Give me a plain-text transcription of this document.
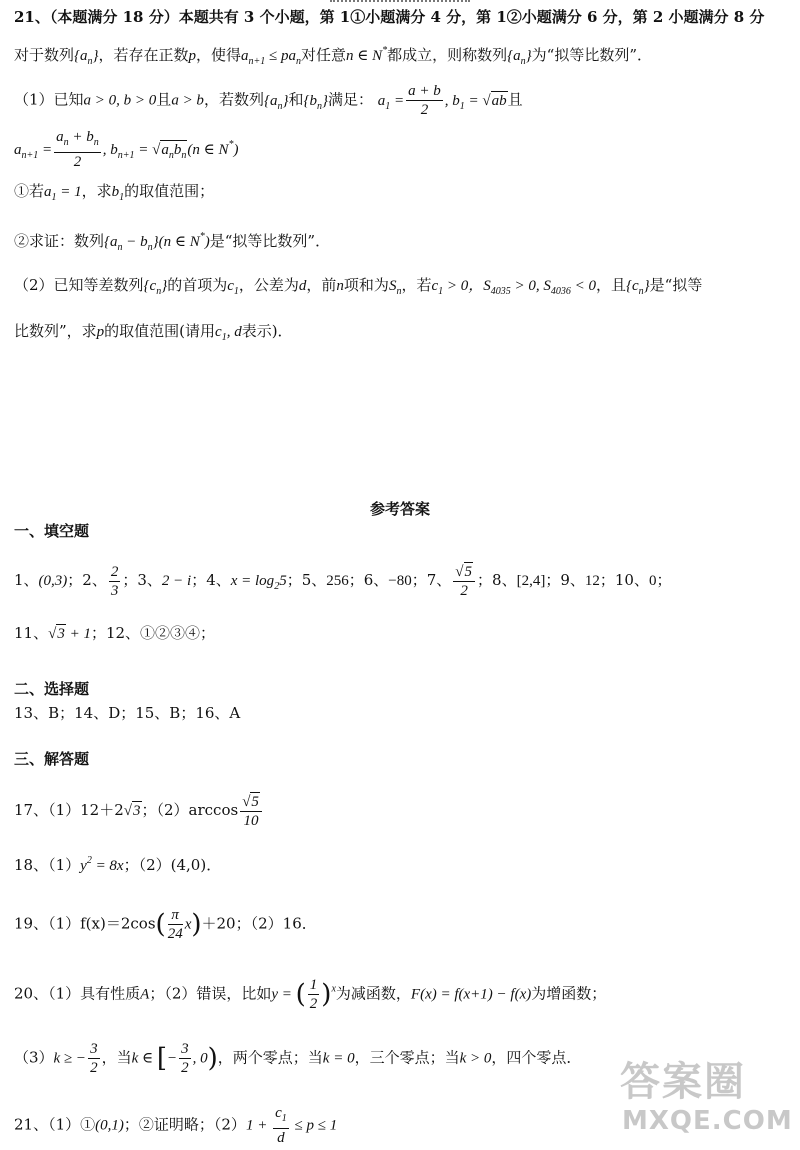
21、（本题满分 18 分）本题共有 3 个小题，第 1①小题满分 4 分，第 1②小题满分 6 分，第 2 小题满分 8 分
对于数列$\{a_n\}$，若存在正数p，使得$a_{n+1} \le pa_n$对任意n ∈ N*都成立，则称数列$\{a_n\}$为“拟等比数列”．
（1）已知a > 0, b > 0且a > b，若数列$\{a_n\}$和$\{b_n\}$满足： $a_1 = \frac{a + b}{2}$ , $b_1 = √ab$且
$a_{n+1} = \frac{a_n + b_n}{2}$ , $b_{n+1} = √a_nb_n(n$ ∈ N*)
①若$a_1 = 1$，求$b_1$的取值范围；
②求证：数列$\{a_n - b_n\}(n$ ∈ N*)是“拟等比数列”．
（2）已知等差数列$\{c_n\}$的首项为$c_1$，公差为d，前n项和为$S_n$，若$c_1 > 0$，$S_{4035} > 0$, $S_{4036} < 0$，且$\{c_n\}$是“拟等
比数列”，求p的取值范围(请用$c_1$, d表示)．
参考答案
一、填空题
1、(0,3)；2、 $\frac{2}{3}$ ；3、2 − i；4、$x = \log_25$；5、256；6、−80；7、 $\frac{√5}{2}$ ；8、[2,4]；9、12；10、0；
11、√3 + 1；12、①②③④；
二、选择题
13、B；14、D；15、B；16、A
三、解答题
17、（1）12＋2√3；$(2)\arccos \frac{√5}{10}$
18、$(1)y^2 = 8x$；（2）(4,0)．
19、$(1)f(x)=2\cos( \frac{\pi}{24} x)+20$；（2）16．
20、（1）具有性质A；（2）错误，比如y = ( $\frac{1}{2} )^x$为减函数，F(x) = f(x+1) − f(x)为增函数；
（3）k ≥ − $\frac{3}{2}$ ，当k ∈ [− $\frac{3}{2}$ , 0)，两个零点；当k = 0，三个零点；当k > 0，四个零点．
21、（1）①(0,1)；②证明略；$(2)1 + \frac{c_1}{d} \le p \le 1$
答案圈
MXQE.COM
